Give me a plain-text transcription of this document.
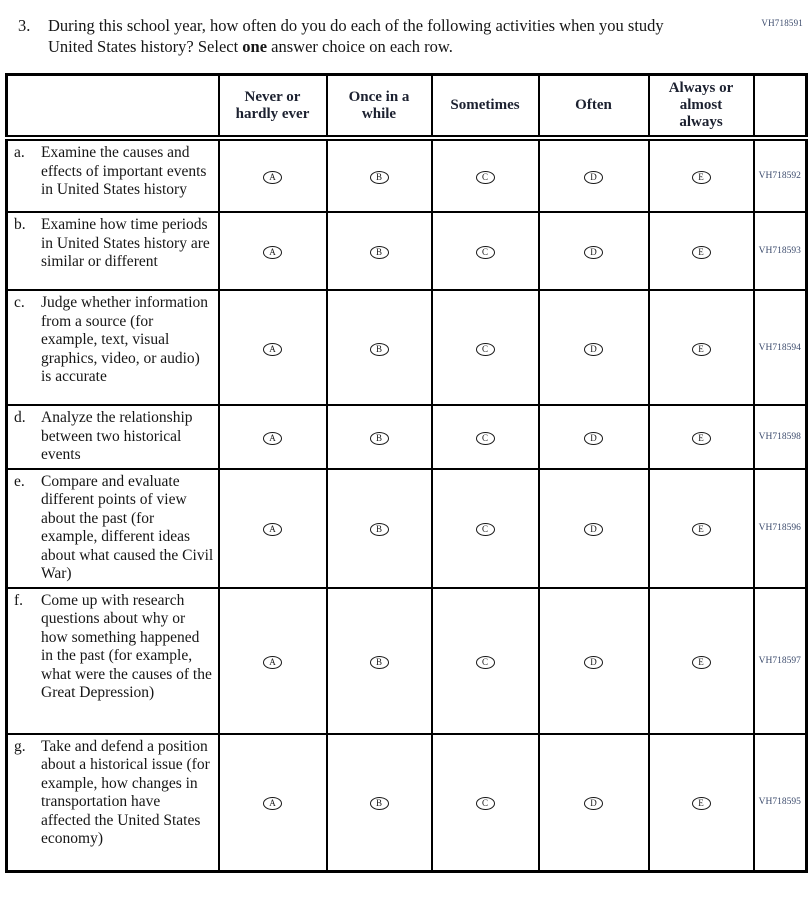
VH718591
3.	During this school year, how often do you do each of the following activities when you study United States history? Select one answer choice on each row.
	Never or hardly ever	Once in a while	Sometimes	Often	Always or almost always	

a. Examine the causes and effects of important events in United States history	A	B	C	D	E	VH718592

b. Examine how time periods in United States history are similar or different	A	B	C	D	E	VH718593

c. Judge whether information from a source (for example, text, visual graphics, video, or audio) is accurate	A	B	C	D	E	VH718594

d. Analyze the relationship between two historical events	A	B	C	D	E	VH718598

e. Compare and evaluate different points of view about the past (for example, different ideas about what caused the Civil War)	A	B	C	D	E	VH718596

f. Come up with research questions about why or how something happened in the past (for example, what were the causes of the Great Depression)	A	B	C	D	E	VH718597

g. Take and defend a position about a historical issue (for example, how changes in transportation have affected the United States economy)	A	B	C	D	E	VH718595
